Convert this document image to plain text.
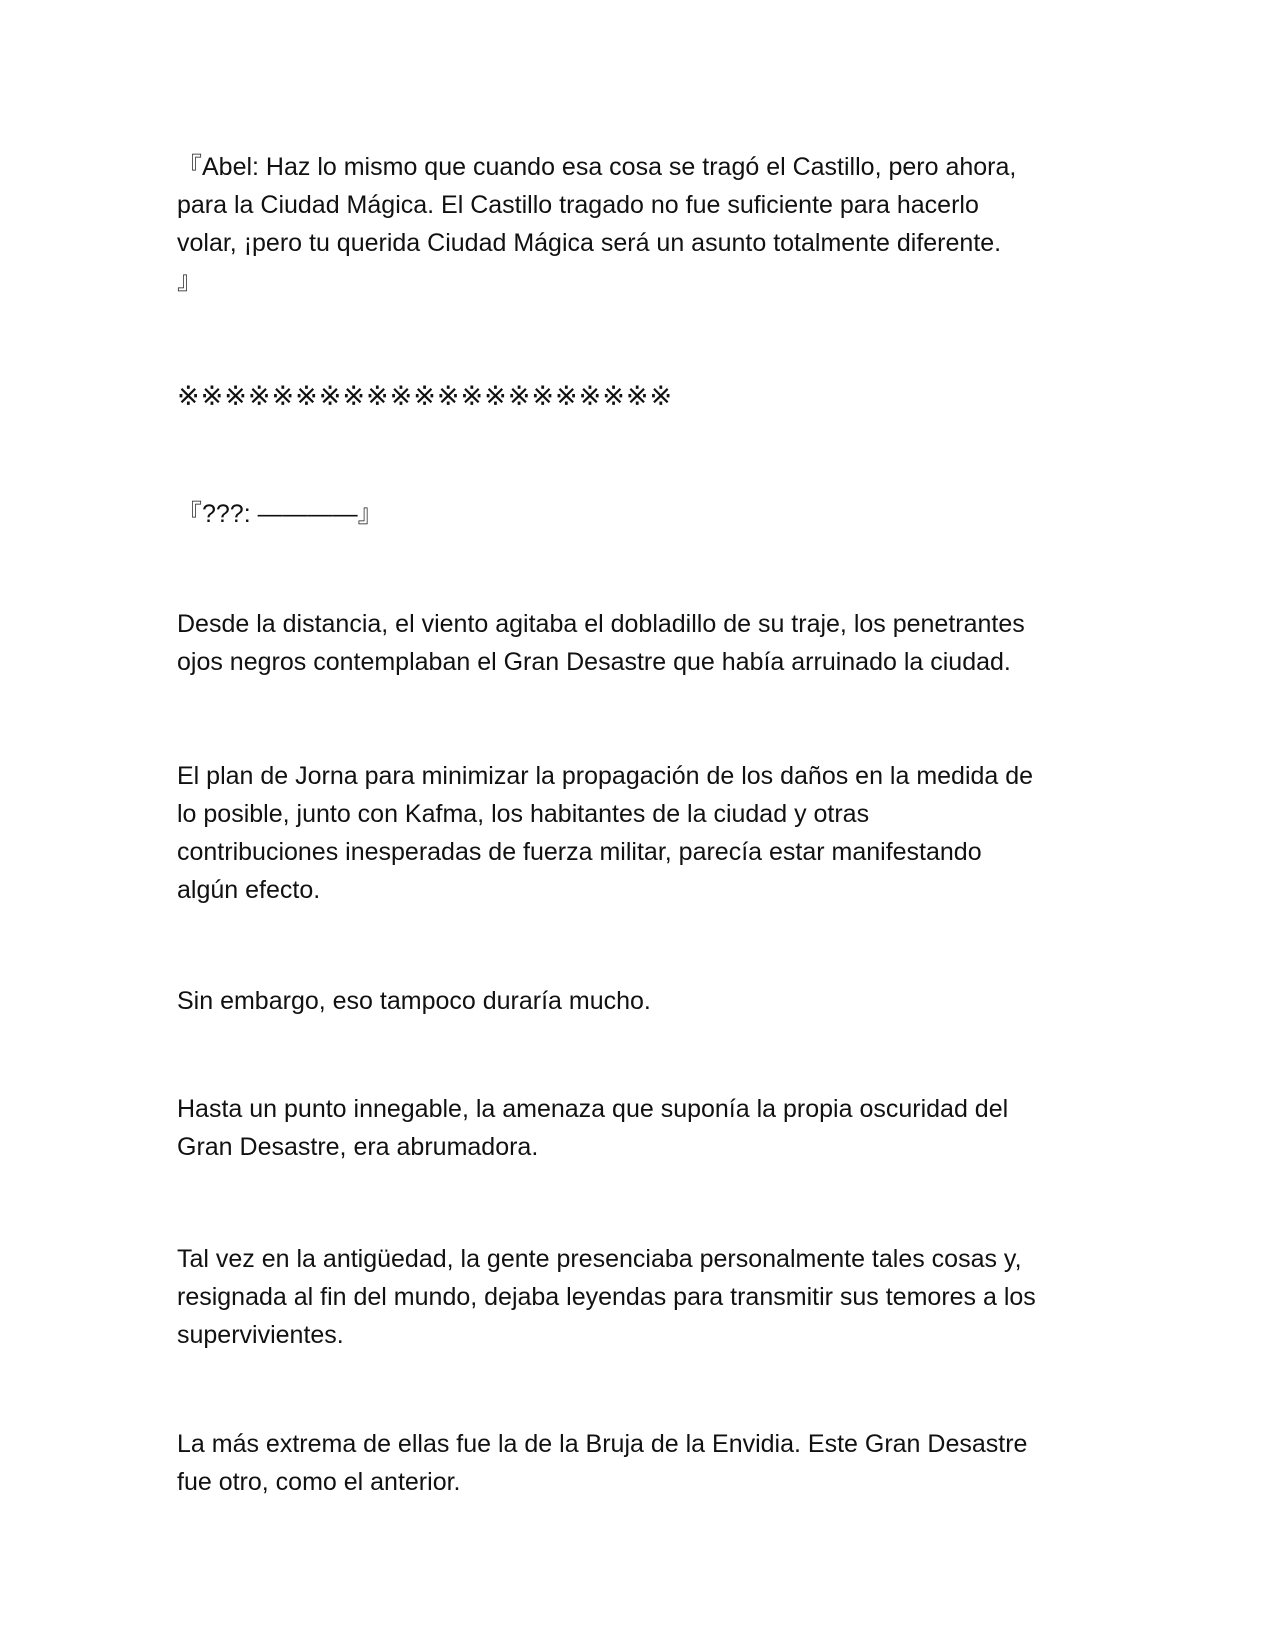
『Abel: Haz lo mismo que cuando esa cosa se tragó el Castillo, pero ahora,
para la Ciudad Mágica. El Castillo tragado no fue suficiente para hacerlo
volar, ¡pero tu querida Ciudad Mágica será un asunto totalmente diferente.
』

※※※※※※※※※※※※※※※※※※※※※

『???: ――――』

Desde la distancia, el viento agitaba el dobladillo de su traje, los penetrantes
ojos negros contemplaban el Gran Desastre que había arruinado la ciudad.

El plan de Jorna para minimizar la propagación de los daños en la medida de
lo posible, junto con Kafma, los habitantes de la ciudad y otras
contribuciones inesperadas de fuerza militar, parecía estar manifestando
algún efecto.

Sin embargo, eso tampoco duraría mucho.

Hasta un punto innegable, la amenaza que suponía la propia oscuridad del
Gran Desastre, era abrumadora.

Tal vez en la antigüedad, la gente presenciaba personalmente tales cosas y,
resignada al fin del mundo, dejaba leyendas para transmitir sus temores a los
supervivientes.

La más extrema de ellas fue la de la Bruja de la Envidia. Este Gran Desastre
fue otro, como el anterior.
